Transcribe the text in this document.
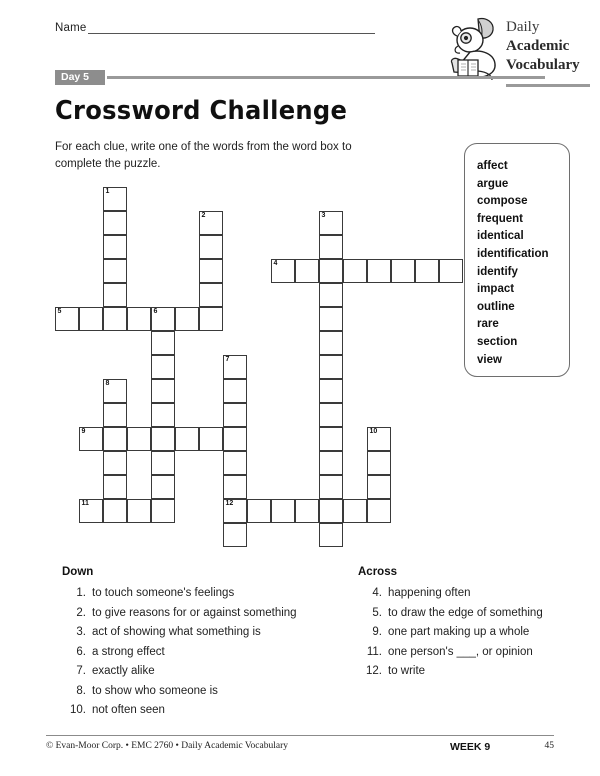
Name	Daily
Academic
Vocabulary
Day 5
Crossword Challenge
For each clue, write one of the words from the word box to complete the puzzle.	affect
argue
compose
frequent
identical
identification
identify
impact
outline
rare
section
view
1
2	3
4
5	6
7
12
8
9	10
11
Down
1. to touch someone's feelings
2. to give reasons for or against something
3. act of showing what something is
6. a strong effect
7. exactly alike
8. to show who someone is
10. not often seen
Across
4. happening often
5. to draw the edge of something
9. one part making up a whole
11. one person's ___, or opinion
12. to write
© Evan-Moor Corp. • EMC 2760 • Daily Academic Vocabulary	WEEK 9	45
